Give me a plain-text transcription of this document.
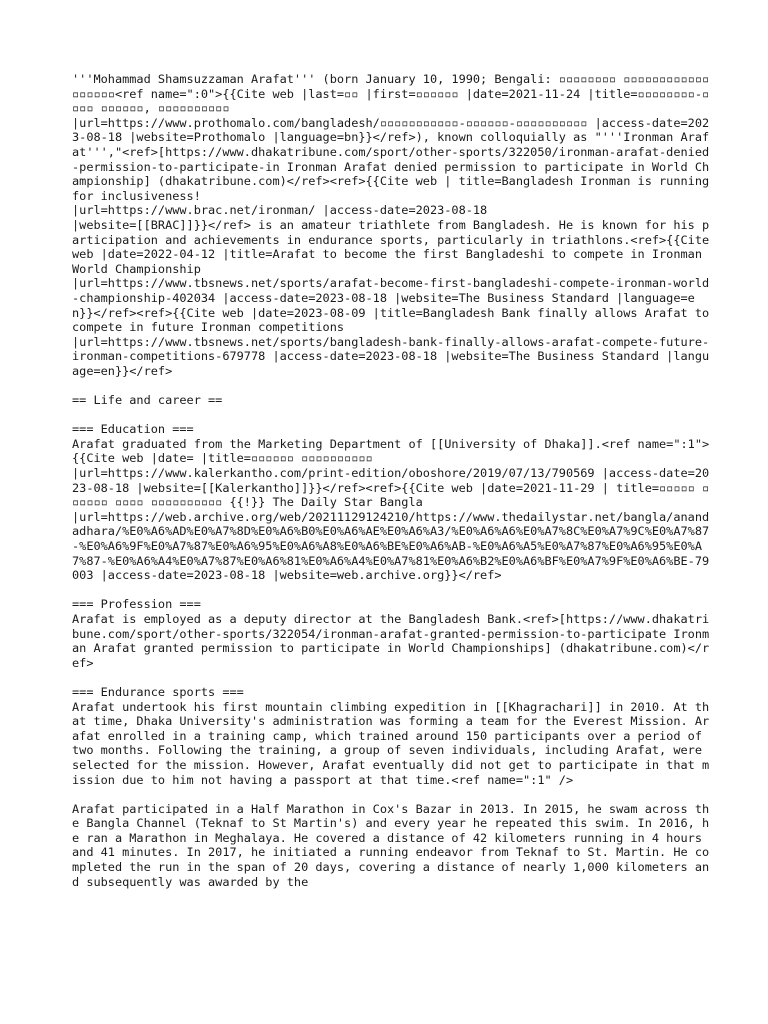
'''Mohammad Shamsuzzaman Arafat''' (born January 10, 1990; Bengali: ▫▫▫▫▫▫▫▫ ▫▫▫▫▫▫▫▫▫▫▫▫ ▫▫▫▫▫▫<ref name=":0">{{Cite web |last=▫▫ |first=▫▫▫▫▫▫ |date=2021-11-24 |title=▫▫▫▫▫▫▫▫-▫▫▫▫ ▫▫▫▫▫▫, ▫▫▫▫▫▫▫▫▫▫
|url=https://www.prothomalo.com/bangladesh/▫▫▫▫▫▫▫▫▫▫▫-▫▫▫▫▫▫-▫▫▫▫▫▫▫▫▫▫ |access-date=2023-08-18 |website=Prothomalo |language=bn}}</ref>), known colloquially as "'''Ironman Arafat''',"<ref>[https://www.dhakatribune.com/sport/other-sports/322050/ironman-arafat-denied-permission-to-participate-in Ironman Arafat denied permission to participate in World Championship] (dhakatribune.com)</ref><ref>{{Cite web | title=Bangladesh Ironman is running for inclusiveness!
|url=https://www.brac.net/ironman/ |access-date=2023-08-18
|website=[[BRAC]]}}</ref> is an amateur triathlete from Bangladesh. He is known for his participation and achievements in endurance sports, particularly in triathlons.<ref>{{Cite web |date=2022-04-12 |title=Arafat to become the first Bangladeshi to compete in Ironman World Championship
|url=https://www.tbsnews.net/sports/arafat-become-first-bangladeshi-compete-ironman-world-championship-402034 |access-date=2023-08-18 |website=The Business Standard |language=en}}</ref><ref>{{Cite web |date=2023-08-09 |title=Bangladesh Bank finally allows Arafat to compete in future Ironman competitions
|url=https://www.tbsnews.net/sports/bangladesh-bank-finally-allows-arafat-compete-future-ironman-competitions-679778 |access-date=2023-08-18 |website=The Business Standard |language=en}}</ref>
== Life and career ==
=== Education ===
Arafat graduated from the Marketing Department of [[University of Dhaka]].<ref name=":1">{{Cite web |date= |title=▫▫▫▫▫▫ ▫▫▫▫▫▫▫▫▫▫
|url=https://www.kalerkantho.com/print-edition/oboshore/2019/07/13/790569 |access-date=2023-08-18 |website=[[Kalerkantho]]}}</ref><ref>{{Cite web |date=2021-11-29 | title=▫▫▫▫▫ ▫▫▫▫▫▫ ▫▫▫▫ ▫▫▫▫▫▫▫▫▫▫ {{!}} The Daily Star Bangla
|url=https://web.archive.org/web/20211129124210/https://www.thedailystar.net/bangla/anandadhara/%E0%A6%AD%E0%A7%8D%E0%A6%B0%E0%A6%AE%E0%A6%A3/%E0%A6%A6%E0%A7%8C%E0%A7%9C%E0%A7%87-%E0%A6%9F%E0%A7%87%E0%A6%95%E0%A6%A8%E0%A6%BE%E0%A6%AB-%E0%A6%A5%E0%A7%87%E0%A6%95%E0%A7%87-%E0%A6%A4%E0%A7%87%E0%A6%81%E0%A6%A4%E0%A7%81%E0%A6%B2%E0%A6%BF%E0%A7%9F%E0%A6%BE-79003 |access-date=2023-08-18 |website=web.archive.org}}</ref>
=== Profession ===
Arafat is employed as a deputy director at the Bangladesh Bank.<ref>[https://www.dhakatribune.com/sport/other-sports/322054/ironman-arafat-granted-permission-to-participate Ironman Arafat granted permission to participate in World Championships] (dhakatribune.com)</ref>
=== Endurance sports ===
Arafat undertook his first mountain climbing expedition in [[Khagrachari]] in 2010. At that time, Dhaka University's administration was forming a team for the Everest Mission. Arafat enrolled in a training camp, which trained around 150 participants over a period of two months. Following the training, a group of seven individuals, including Arafat, were selected for the mission. However, Arafat eventually did not get to participate in that mission due to him not having a passport at that time.<ref name=":1" />
Arafat participated in a Half Marathon in Cox's Bazar in 2013. In 2015, he swam across the Bangla Channel (Teknaf to St Martin's) and every year he repeated this swim. In 2016, he ran a Marathon in Meghalaya. He covered a distance of 42 kilometers running in 4 hours and 41 minutes. In 2017, he initiated a running endeavor from Teknaf to St. Martin. He completed the run in the span of 20 days, covering a distance of nearly 1,000 kilometers and subsequently was awarded by the
